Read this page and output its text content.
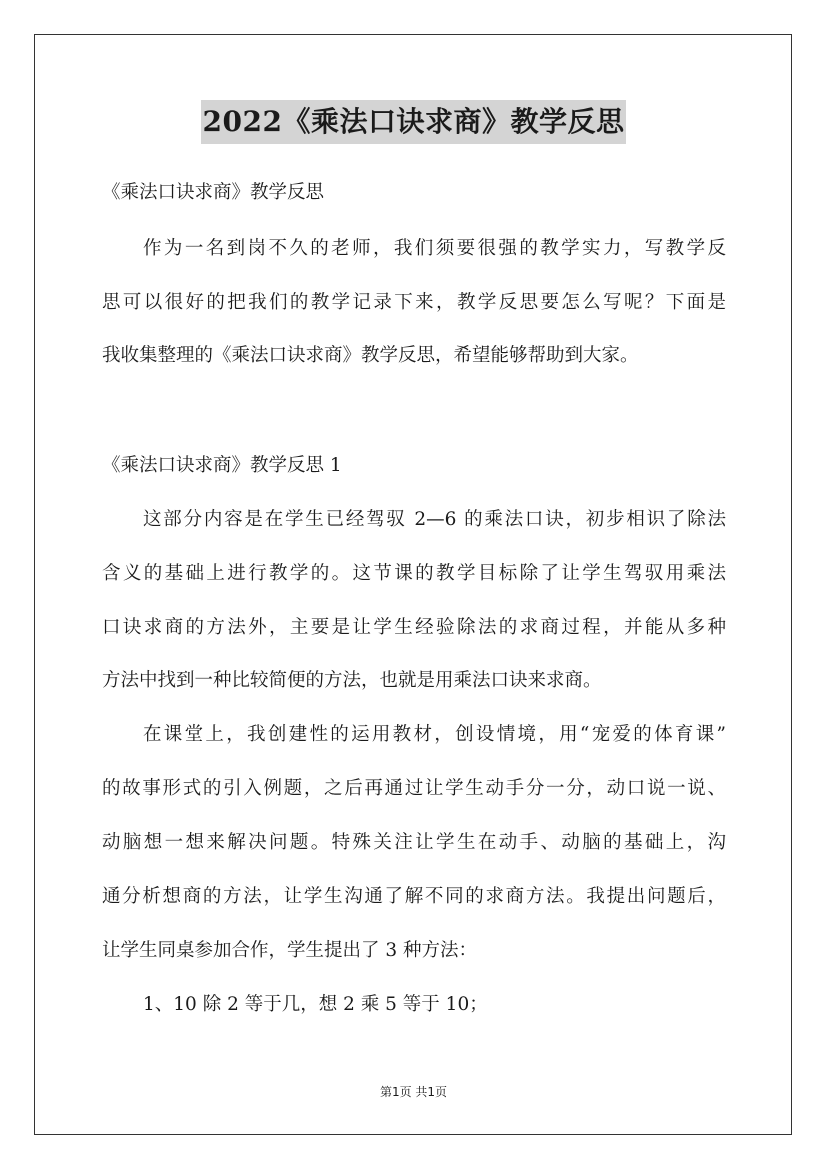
2022《乘法口诀求商》教学反思
《乘法口诀求商》教学反思
作为一名到岗不久的老师，我们须要很强的教学实力，写教学反
思可以很好的把我们的教学记录下来，教学反思要怎么写呢？下面是
我收集整理的《乘法口诀求商》教学反思，希望能够帮助到大家。
《乘法口诀求商》教学反思 1
这部分内容是在学生已经驾驭 2—6 的乘法口诀，初步相识了除法
含义的基础上进行教学的。这节课的教学目标除了让学生驾驭用乘法
口诀求商的方法外，主要是让学生经验除法的求商过程，并能从多种
方法中找到一种比较简便的方法，也就是用乘法口诀来求商。
在课堂上，我创建性的运用教材，创设情境，用“宠爱的体育课”
的故事形式的引入例题，之后再通过让学生动手分一分，动口说一说、
动脑想一想来解决问题。特殊关注让学生在动手、动脑的基础上，沟
通分析想商的方法，让学生沟通了解不同的求商方法。我提出问题后，
让学生同桌参加合作，学生提出了 3 种方法：
1、10 除 2 等于几，想 2 乘 5 等于 10；
第1页 共1页
